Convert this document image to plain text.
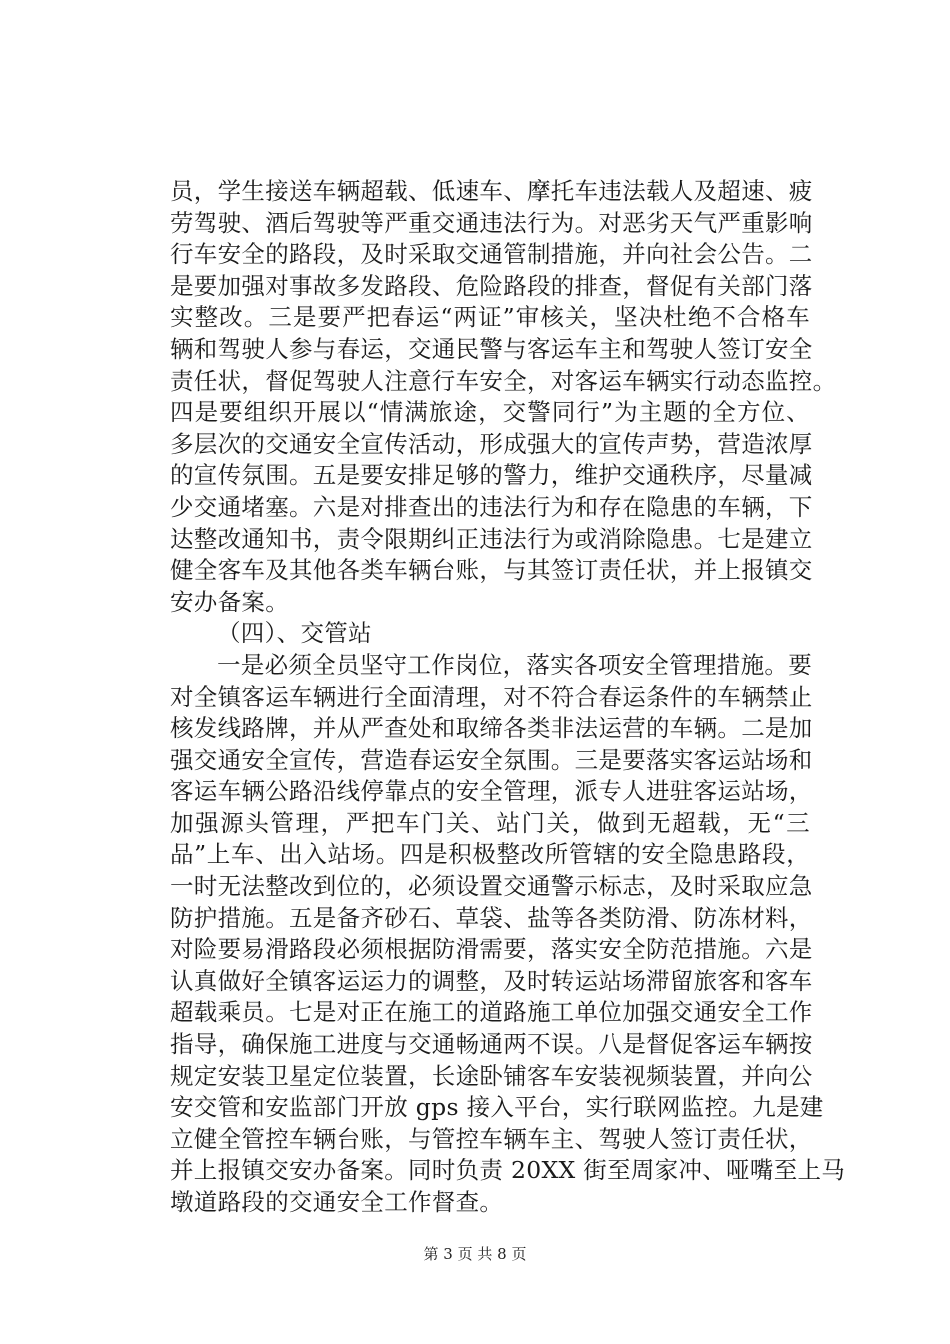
员，学生接送车辆超载、低速车、摩托车违法载人及超速、疲
劳驾驶、酒后驾驶等严重交通违法行为。对恶劣天气严重影响
行车安全的路段，及时采取交通管制措施，并向社会公告。二
是要加强对事故多发路段、危险路段的排查，督促有关部门落
实整改。三是要严把春运“两证”审核关，坚决杜绝不合格车
辆和驾驶人参与春运，交通民警与客运车主和驾驶人签订安全
责任状，督促驾驶人注意行车安全，对客运车辆实行动态监控。
四是要组织开展以“情满旅途，交警同行”为主题的全方位、
多层次的交通安全宣传活动，形成强大的宣传声势，营造浓厚
的宣传氛围。五是要安排足够的警力，维护交通秩序，尽量减
少交通堵塞。六是对排查出的违法行为和存在隐患的车辆，下
达整改通知书，责令限期纠正违法行为或消除隐患。七是建立
健全客车及其他各类车辆台账，与其签订责任状，并上报镇交
安办备案。
（四）、交管站
一是必须全员坚守工作岗位，落实各项安全管理措施。要
对全镇客运车辆进行全面清理，对不符合春运条件的车辆禁止
核发线路牌，并从严查处和取缔各类非法运营的车辆。二是加
强交通安全宣传，营造春运安全氛围。三是要落实客运站场和
客运车辆公路沿线停靠点的安全管理，派专人进驻客运站场，
加强源头管理，严把车门关、站门关，做到无超载，无“三
品”上车、出入站场。四是积极整改所管辖的安全隐患路段，
一时无法整改到位的，必须设置交通警示标志，及时采取应急
防护措施。五是备齐砂石、草袋、盐等各类防滑、防冻材料，
对险要易滑路段必须根据防滑需要，落实安全防范措施。六是
认真做好全镇客运运力的调整，及时转运站场滞留旅客和客车
超载乘员。七是对正在施工的道路施工单位加强交通安全工作
指导，确保施工进度与交通畅通两不误。八是督促客运车辆按
规定安装卫星定位装置，长途卧铺客车安装视频装置，并向公
安交管和安监部门开放 gps 接入平台，实行联网监控。九是建
立健全管控车辆台账，与管控车辆车主、驾驶人签订责任状，
并上报镇交安办备案。同时负责 20XX 街至周家冲、哑嘴至上马
墩道路段的交通安全工作督查。
第 3 页 共 8 页
